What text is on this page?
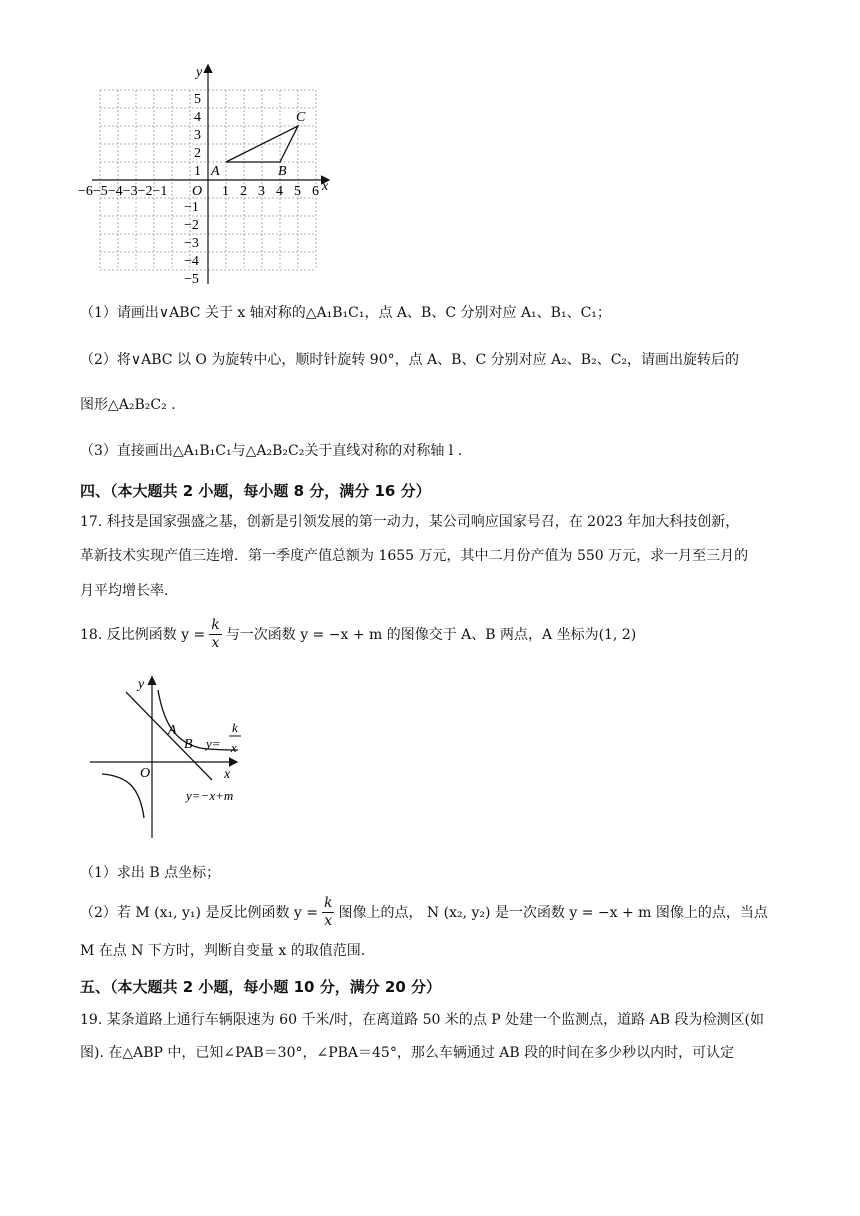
y
x
5
4
3
2
1
−1
−2
−3
−4
−5
−6−5−4−3−2−1 O 1 2 3 4 5 6
A	B
C
（1）请画出∨ABC 关于 x 轴对称的△A₁B₁C₁，点 A、B、C 分别对应 A₁、B₁、C₁；
（2）将∨ABC 以 O 为旋转中心，顺时针旋转 90°，点 A、B、C 分别对应 A₂、B₂、C₂，请画出旋转后的
图形△A₂B₂C₂ .
（3）直接画出△A₁B₁C₁与△A₂B₂C₂关于直线对称的对称轴 l .
四、（本大题共 2 小题，每小题 8 分，满分 16 分）
17. 科技是国家强盛之基，创新是引领发展的第一动力，某公司响应国家号召，在 2023 年加大科技创新，
革新技术实现产值三连增．第一季度产值总额为 1655 万元，其中二月份产值为 550 万元，求一月至三月的
月平均增长率.
18. 反比例函数 $y = \frac{k}{x}$ 与一次函数 y = −x + m 的图像交于 A、B 两点，A 坐标为(1, 2)
y
x
O
A
B y=
k
x
y=−x+m
（1）求出 B 点坐标；
（2）若 M (x₁, y₁) 是反比例函数 $y = \frac{k}{x}$ 图像上的点， N (x₂, y₂) 是一次函数 y = −x + m 图像上的点，当点
M 在点 N 下方时，判断自变量 x 的取值范围.
五、（本大题共 2 小题，每小题 10 分，满分 20 分）
19. 某条道路上通行车辆限速为 60 千米/时，在离道路 50 米的点 P 处建一个监测点，道路 AB 段为检测区(如
图). 在△ABP 中，已知∠PAB＝30°，∠PBA＝45°，那么车辆通过 AB 段的时间在多少秒以内时，可认定
